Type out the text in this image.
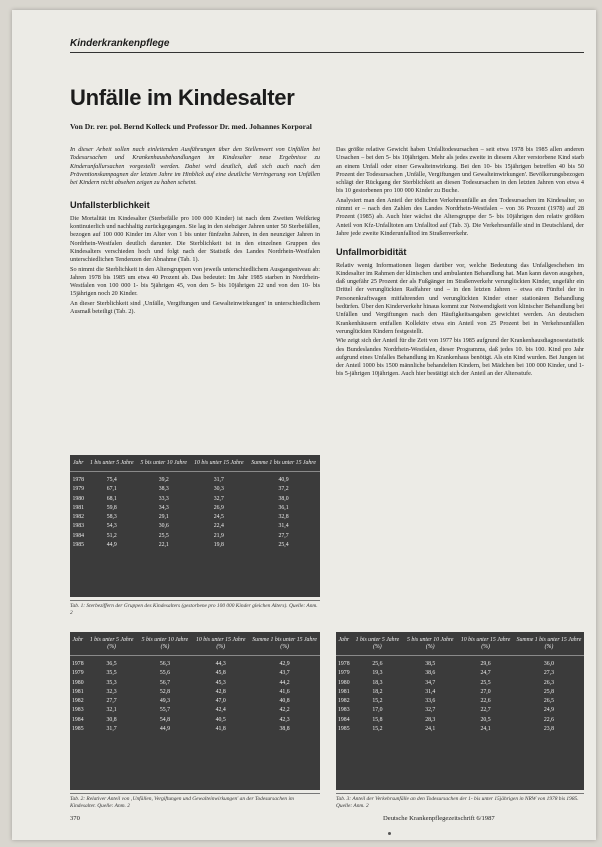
Kinderkrankenpflege
Unfälle im Kindesalter
Von Dr. rer. pol. Bernd Kolleck und Professor Dr. med. Johannes Korporal

In dieser Arbeit sollen nach einleitenden Ausführungen über den Stellenwert von Unfällen bei Todesursachen und Krankenhausbehandlungen im Kindesalter neue Ergebnisse zu Kinderunfallursachen vorgestellt werden. Dabei wird deutlich, daß sich auch nach den Präventionskampagnen der letzten Jahre im Hinblick auf eine deutliche Verringerung von Unfällen bei Kindern nicht absehen zeigen zu haben scheint.

Unfallsterblichkeit

Die Mortalität im Kindesalter (Sterbefälle pro 100 000 Kinder) ist nach dem Zweiten Weltkrieg kontinuierlich und nachhaltig zurückgegangen. Sie lag in den siebziger Jahren unter 50 Sterbefällen, bezogen auf 100 000 Kinder im Alter von 1 bis unter fünfzehn Jahren, in den neunziger Jahren in Nordrhein-Westfalen deutlich darunter. Die Sterblichkeit ist in den einzelnen Gruppen des Kindesalters verschieden hoch und folgt nach der Statistik des Landes Nordrhein-Westfalen unterschiedlichen Tendenzen der Abnahme (Tab. 1).

So nimmt die Sterblichkeit in den Altersgruppen von jeweils unterschiedlichem Ausgangsniveau ab: Jahren 1978 bis 1985 um etwa 40 Prozent ab. Das bedeutet: Im Jahr 1985 starben in Nordrhein-Westfalen von 100 000 1- bis 5jährigen 45, von den 5- bis 10jährigen 22 und von den 10- bis 15jährigen noch 20 Kinder.

An dieser Sterblichkeit sind ‚Unfälle, Vergiftungen und Gewalteinwirkungen' in unterschiedlichem Ausmaß beteiligt (Tab. 2).

Das größte relative Gewicht haben Unfalltodesursachen – seit etwa 1978 bis 1985 allen anderen Ursachen – bei den 5- bis 10jährigen. Mehr als jedes zweite in diesem Alter verstorbene Kind starb an einem Unfall oder einer Gewalteinwirkung. Bei den 10- bis 15jährigen betreffen 40 bis 50 Prozent der Todesursachen ‚Unfälle, Vergiftungen und Gewalteinwirkungen'. Bevölkerungsbezogen schlägt der Rückgang der Sterblichkeit an diesen Todesursachen in den letzten Jahren von etwa 4 bis 10 gestorbenen pro 100 000 Kinder zu Buche.

Analysiert man den Anteil der tödlichen Verkehrsunfälle an den Todesursachen im Kindesalter, so nimmt er – nach den Zahlen des Landes Nordrhein-Westfalen – von 36 Prozent (1978) auf 28 Prozent (1985) ab. Auch hier wächst die Altersgruppe der 5- bis 10jährigen den relativ größten Anteil von Kfz-Unfalltoten am Unfalltod auf (Tab. 3). Die Verkehrsunfälle sind in Deutschland, der Jahre jede zweite Kinderunfalltod im Straßenverkehr.

Unfallmorbidität

Relativ wenig Informationen liegen darüber vor, welche Bedeutung das Unfallgeschehen im Kindesalter im Rahmen der klinischen und ambulanten Behandlung hat. Man kann davon ausgehen, daß ungefähr 25 Prozent der als Fußgänger im Straßenverkehr verunglückten Kinder, ungefähr ein Drittel der verunglückten Radfahrer und – in den letzten Jahren – etwa ein Fünftel der in Personenkraftwagen mitfahrenden und verunglückten Kinder einer stationären Behandlung bedürfen. Über den Kinderverkehr hinaus kommt zur Notwendigkeit von klinischer Behandlung bei Unfällen und Vergiftungen nach den Häufigkeitsangaben gewichtet werden. An deutschen Krankenhäusern entfallen Kollektiv etwa ein Anteil von 25 Prozent bei in Verkehrsunfällen verunglückten Kindern festgestellt.

Wie zeigt sich der Anteil für die Zeit von 1977 bis 1985 aufgrund der Krankenhausdiagnosestatistik des Bundeslandes Nordrhein-Westfalen, dieser Programms, daß jedes 10. bis 100. Kind pro Jahr aufgrund eines Unfalles Behandlung im Krankenhaus benötigt. Als ein Kind wurden. Bei Jungen ist der Anteil 1000 bis 1500 männliche behandelten Kindern, bei Mädchen bei 100 000 Kinder, und 1- bis 5-jährigen 10jährigen. Auch hier bestätigt sich der Anteil an der Altersstufe.

Jahr	1 bis unter 5 Jahre	5 bis unter 10 Jahre	10 bis unter 15 Jahre	Summe 1 bis unter 15 Jahre
1978	75,4	39,2	31,7	40,9
1979	67,1	38,3	30,3	37,2
1980	68,1	33,3	32,7	38,0
1981	59,8	34,3	26,9	36,1
1982	58,3	29,1	24,5	32,8
1983	54,3	30,6	22,4	31,4
1984	51,2	25,5	21,9	27,7
1985	44,9	22,1	19,8	25,4
Tab. 1: Sterbeziffern der Gruppen des Kindesalters (gestorbene pro 100 000 Kinder gleichen Alters). Quelle: Anm. 2
Jahr	1 bis unter 5 Jahre (%)	5 bis unter 10 Jahre (%)	10 bis unter 15 Jahre (%)	Summe 1 bis unter 15 Jahre (%)
1978	36,5	56,3	44,3	42,9
1979	35,5	55,6	45,8	43,7
1980	35,3	56,7	45,3	44,2
1981	32,3	52,8	42,8	41,6
1982	27,7	49,3	47,0	40,8
1983	32,1	55,7	42,4	42,2
1984	30,8	54,8	40,5	42,3
1985	31,7	44,9	41,8	38,8
Tab. 2: Relativer Anteil von ‚Unfällen, Vergiftungen und Gewalteinwirkungen' an der Todesursachen im Kindesalter. Quelle: Anm. 2
Jahr	1 bis unter 5 Jahre (%)	5 bis unter 10 Jahre (%)	10 bis unter 15 Jahre (%)	Summe 1 bis unter 15 Jahre (%)
1978	25,6	38,5	29,6	36,0
1979	19,3	38,6	24,7	27,3
1980	18,3	34,7	25,5	26,3
1981	18,2	31,4	27,0	25,8
1982	15,2	33,6	22,6	26,5
1983	17,0	32,7	22,7	24,9
1984	15,8	28,3	20,5	22,6
1985	15,2	24,1	24,1	23,8
Tab. 3: Anteil der Verkehrsunfälle an den Todesursachen der 1- bis unter 15jährigen in NRW von 1978 bis 1985. Quelle: Anm. 2
370	Deutsche Krankenpflegezeitschrift 6/1987
